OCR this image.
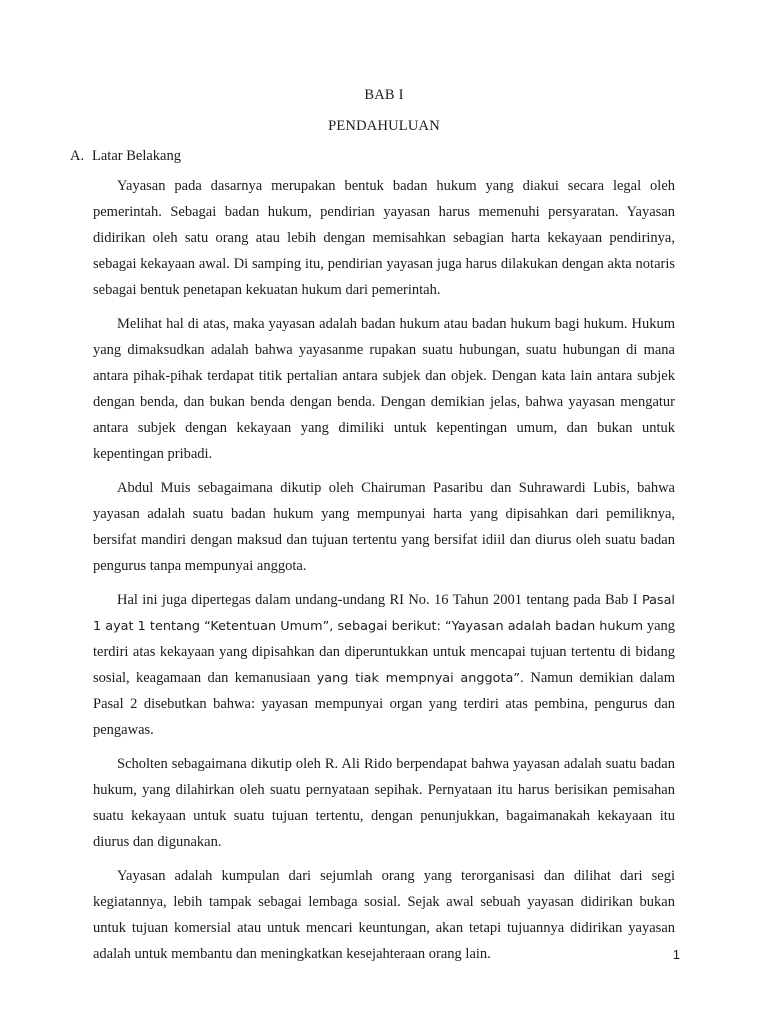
BAB I
PENDAHULUAN
A. Latar Belakang

Yayasan pada dasarnya merupakan bentuk badan hukum yang diakui secara legal oleh pemerintah. Sebagai badan hukum, pendirian yayasan harus memenuhi persyaratan. Yayasan didirikan oleh satu orang atau lebih dengan memisahkan sebagian harta kekayaan pendirinya, sebagai kekayaan awal. Di samping itu, pendirian yayasan juga harus dilakukan dengan akta notaris sebagai bentuk penetapan kekuatan hukum dari pemerintah.

Melihat hal di atas, maka yayasan adalah badan hukum atau badan hukum bagi hukum. Hukum yang dimaksudkan adalah bahwa yayasanme rupakan suatu hubungan, suatu hubungan di mana antara pihak-pihak terdapat titik pertalian antara subjek dan objek. Dengan kata lain antara subjek dengan benda, dan bukan benda dengan benda. Dengan demikian jelas, bahwa yayasan mengatur antara subjek dengan kekayaan yang dimiliki untuk kepentingan umum, dan bukan untuk kepentingan pribadi.

Abdul Muis sebagaimana dikutip oleh Chairuman Pasaribu dan Suhrawardi Lubis, bahwa yayasan adalah suatu badan hukum yang mempunyai harta yang dipisahkan dari pemiliknya, bersifat mandiri dengan maksud dan tujuan tertentu yang bersifat idiil dan diurus oleh suatu badan pengurus tanpa mempunyai anggota.

Hal ini juga dipertegas dalam undang-undang RI No. 16 Tahun 2001 tentang pada Bab I Pasal 1 ayat 1 tentang “Ketentuan Umum”, sebagai berikut: “Yayasan adalah badan hukum yang terdiri atas kekayaan yang dipisahkan dan diperuntukkan untuk mencapai tujuan tertentu di bidang sosial, keagamaan dan kemanusiaan yang tiak mempnyai anggota”. Namun demikian dalam Pasal 2 disebutkan bahwa: yayasan mempunyai organ yang terdiri atas pembina, pengurus dan pengawas.

Scholten sebagaimana dikutip oleh R. Ali Rido berpendapat bahwa yayasan adalah suatu badan hukum, yang dilahirkan oleh suatu pernyataan sepihak. Pernyataan itu harus berisikan pemisahan suatu kekayaan untuk suatu tujuan tertentu, dengan penunjukkan, bagaimanakah kekayaan itu diurus dan digunakan.

Yayasan adalah kumpulan dari sejumlah orang yang terorganisasi dan dilihat dari segi kegiatannya, lebih tampak sebagai lembaga sosial. Sejak awal sebuah yayasan didirikan bukan untuk tujuan komersial atau untuk mencari keuntungan, akan tetapi tujuannya didirikan yayasan adalah untuk membantu dan meningkatkan kesejahteraan orang lain.	1
